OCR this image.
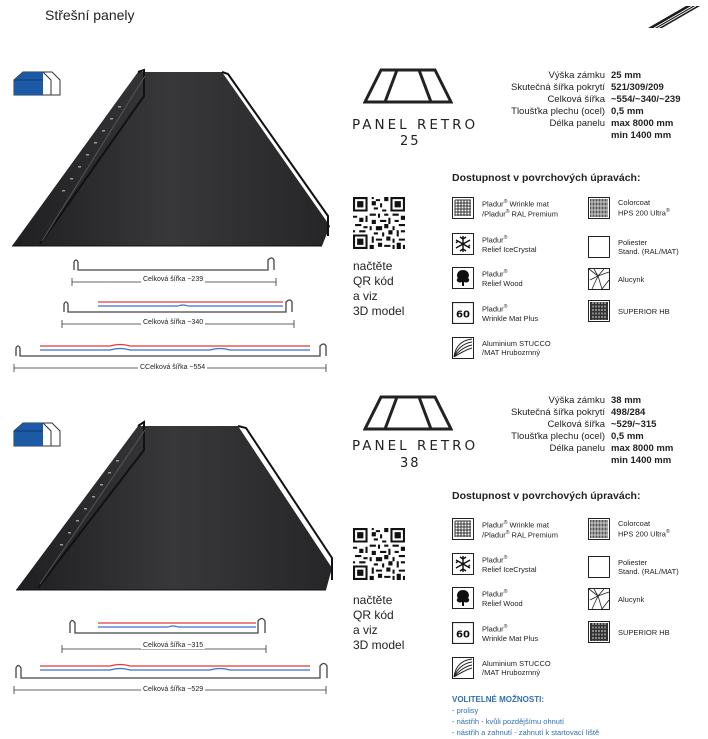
Střešní panely
Celková šířka ~239
Celková šířka ~340
CCelková šířka ~554
PANEL RETRO
25
Výška zámku 25 mm
Skutečná šířka pokrytí 521/309/209
Celková šířka ~554/~340/~239
Tloušťka plechu (ocel) 0,5 mm
Délka panelu max 8000 mm
min 1400 mm
Dostupnost v povrchových úpravách:
načtěte
QR kód
a viz
3D model
Pladur® Wrinkle mat
/Pladur® RAL Premium
Pladur®
Relief IceCrystal
Pladur®
Relief Wood
Pladur®
Wrinkle Mat Plus
Aluminium STUCCO
/MAT Hrubozrnný
Colorcoat
HPS 200 Ultra®
Poliester
Stand. (RAL/MAT)
Alucynk
SUPERIOR HB
Celková šířka ~315
Celková šířka ~529
PANEL RETRO
38
Výška zámku 38 mm
Skutečná šířka pokrytí 498/284
Celková šířka ~529/~315
Tloušťka plechu (ocel) 0,5 mm
Délka panelu max 8000 mm
min 1400 mm
Dostupnost v povrchových úpravách:
načtěte
QR kód
a viz
3D model
Pladur® Wrinkle mat
/Pladur® RAL Premium
Pladur®
Relief IceCrystal
Pladur®
Relief Wood
Pladur®
Wrinkle Mat Plus
Aluminium STUCCO
/MAT Hrubozrnný
Colorcoat
HPS 200 Ultra®
Poliester
Stand. (RAL/MAT)
Alucynk
SUPERIOR HB
VOLITELNÉ MOŽNOSTI:
- prolisy
- nástřih - kvůli pozdějšímu ohnutí
- nástřih a zahnutí - zahnutí k startovací liště
